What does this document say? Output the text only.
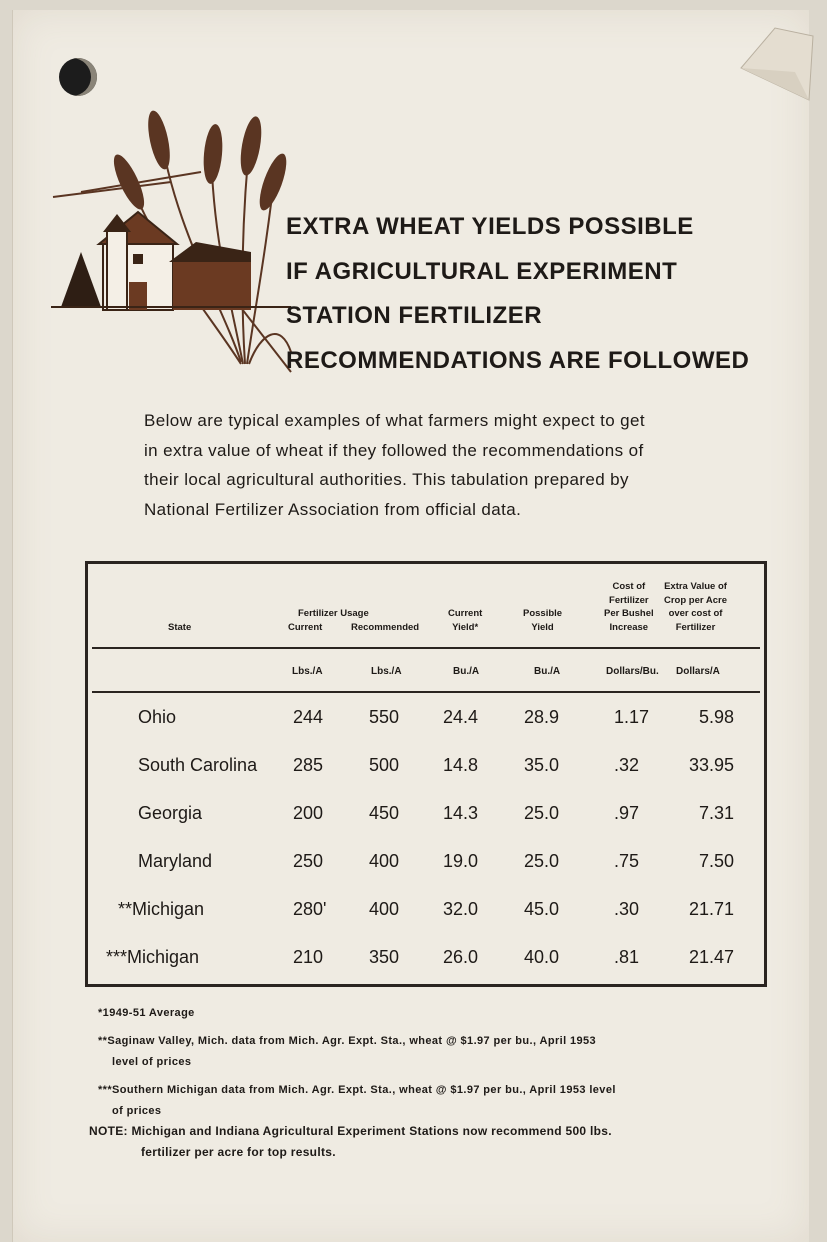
EXTRA WHEAT YIELDS POSSIBLE
IF AGRICULTURAL EXPERIMENT
STATION FERTILIZER
RECOMMENDATIONS ARE FOLLOWED
Below are typical examples of what farmers might expect to get
in extra value of wheat if they followed the recommendations of
their local agricultural authorities. This tabulation prepared by
National Fertilizer Association from official data.
State
Fertilizer Usage
Current	Recommended
Current
Yield*
Possible
Yield
Cost of
Fertilizer
Per Bushel
Increase
Extra Value of
Crop per Acre
over cost of
Fertilizer
Lbs./A	Lbs./A	Bu./A	Bu./A	Dollars/Bu. Dollars/A
Ohio	244	550 24.4	28.9	1.17	5.98
South Carolina 285	500 14.8	35.0	.32	33.95
Georgia	200	450 14.3	25.0	.97	7.31
Maryland	250	400 19.0	25.0	.75	7.50
**Michigan	280' 400 32.0	45.0	.30	21.71
***Michigan	210	350 26.0	40.0	.81	21.47
*1949-51 Average
**Saginaw Valley, Mich. data from Mich. Agr. Expt. Sta., wheat @ $1.97 per bu., April 1953
level of prices
***Southern Michigan data from Mich. Agr. Expt. Sta., wheat @ $1.97 per bu., April 1953 level
of prices
NOTE: Michigan and Indiana Agricultural Experiment Stations now recommend 500 lbs.
fertilizer per acre for top results.
